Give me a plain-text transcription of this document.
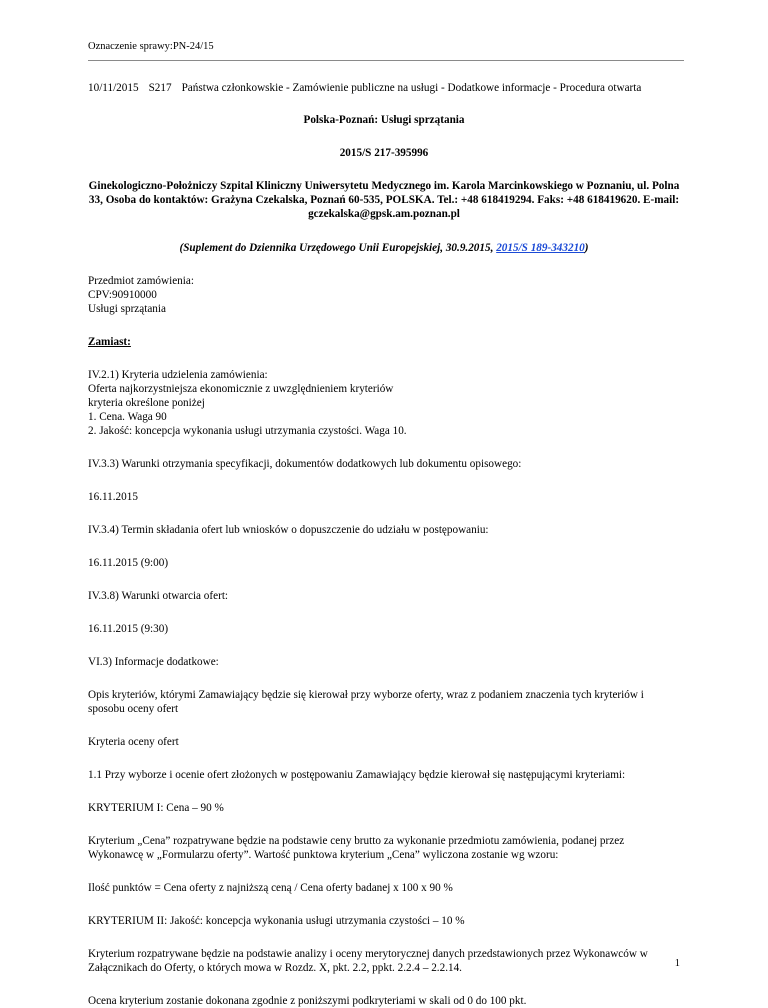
Oznaczenie sprawy:PN-24/15

10/11/2015 S217 Państwa członkowskie - Zamówienie publiczne na usługi - Dodatkowe informacje - Procedura otwarta

Polska-Poznań: Usługi sprzątania

2015/S 217-395996

Ginekologiczno-Położniczy Szpital Kliniczny Uniwersytetu Medycznego im. Karola Marcinkowskiego w Poznaniu, ul. Polna 33, Osoba do kontaktów: Grażyna Czekalska, Poznań 60-535, POLSKA. Tel.: +48 618419294. Faks: +48 618419620. E-mail: gczekalska@gpsk.am.poznan.pl

(Suplement do Dziennika Urzędowego Unii Europejskiej, 30.9.2015, 2015/S 189-343210)

Przedmiot zamówienia:

CPV:90910000

Usługi sprzątania

Zamiast:

IV.2.1) Kryteria udzielenia zamówienia:

Oferta najkorzystniejsza ekonomicznie z uwzględnieniem kryteriów

kryteria określone poniżej

1. Cena. Waga 90

2. Jakość: koncepcja wykonania usługi utrzymania czystości. Waga 10.

IV.3.3) Warunki otrzymania specyfikacji, dokumentów dodatkowych lub dokumentu opisowego:

16.11.2015

IV.3.4) Termin składania ofert lub wniosków o dopuszczenie do udziału w postępowaniu:

16.11.2015 (9:00)

IV.3.8) Warunki otwarcia ofert:

16.11.2015 (9:30)

VI.3) Informacje dodatkowe:

Opis kryteriów, którymi Zamawiający będzie się kierował przy wyborze oferty, wraz z podaniem znaczenia tych kryteriów i sposobu oceny ofert

Kryteria oceny ofert

1.1 Przy wyborze i ocenie ofert złożonych w postępowaniu Zamawiający będzie kierował się następującymi kryteriami:

KRYTERIUM I: Cena – 90 %

Kryterium „Cena” rozpatrywane będzie na podstawie ceny brutto za wykonanie przedmiotu zamówienia, podanej przez Wykonawcę w „Formularzu oferty”. Wartość punktowa kryterium „Cena” wyliczona zostanie wg wzoru:

Ilość punktów = Cena oferty z najniższą ceną / Cena oferty badanej x 100 x 90 %

KRYTERIUM II: Jakość: koncepcja wykonania usługi utrzymania czystości – 10 %

Kryterium rozpatrywane będzie na podstawie analizy i oceny merytorycznej danych przedstawionych przez Wykonawców w Załącznikach do Oferty, o których mowa w Rozdz. X, pkt. 2.2, ppkt. 2.2.4 – 2.2.14.

Ocena kryterium zostanie dokonana zgodnie z poniższymi podkryteriami w skali od 0 do 100 pkt.

1
